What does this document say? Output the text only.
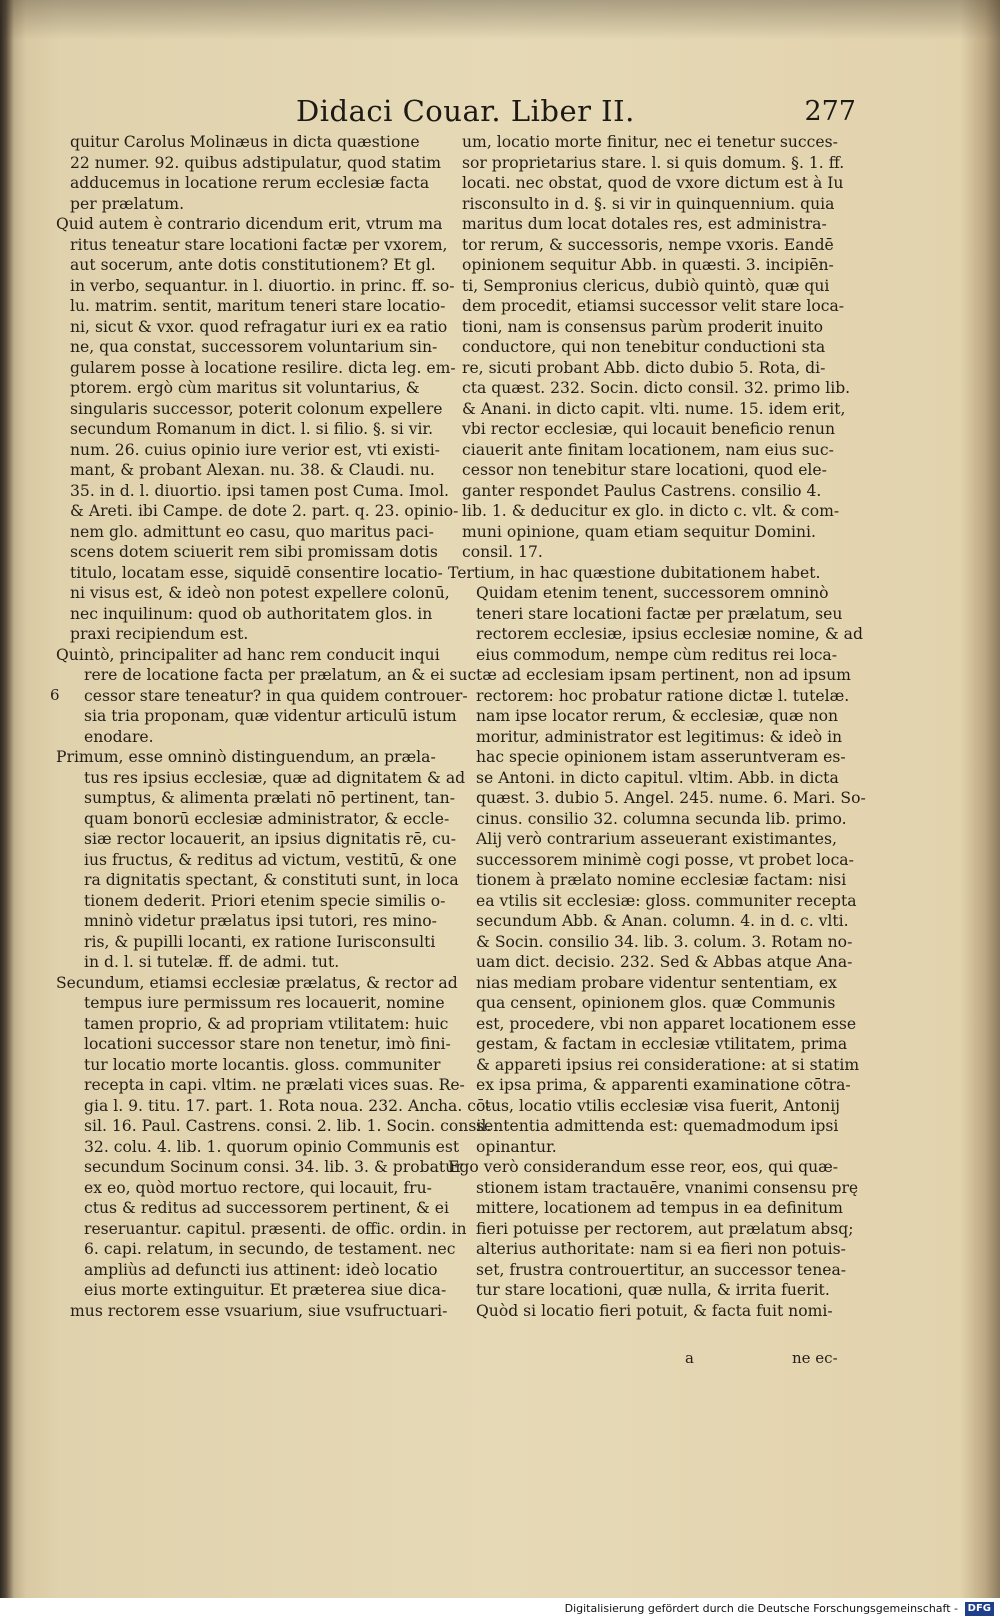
Didaci Couar. Liber II.	277
6
quitur Carolus Molinæus in dicta quæstione
22 numer. 92. quibus adstipulatur, quod statim
adducemus in locatione rerum ecclesiæ facta
per prælatum.
Quid autem è contrario dicendum erit, vtrum ma
ritus teneatur stare locationi factæ per vxorem,
aut socerum, ante dotis constitutionem? Et gl.
in verbo, sequantur. in l. diuortio. in princ. ff. so-
lu. matrim. sentit, maritum teneri stare locatio-
ni, sicut & vxor. quod refragatur iuri ex ea ratio
ne, qua constat, successorem voluntarium sin-
gularem posse à locatione resilire. dicta leg. em-
ptorem. ergò cùm maritus sit voluntarius, &
singularis successor, poterit colonum expellere
secundum Romanum in dict. l. si filio. §. si vir.
num. 26. cuius opinio iure verior est, vti existi-
mant, & probant Alexan. nu. 38. & Claudi. nu.
35. in d. l. diuortio. ipsi tamen post Cuma. Imol.
& Areti. ibi Campe. de dote 2. part. q. 23. opinio-
nem glo. admittunt eo casu, quo maritus paci-
scens dotem sciuerit rem sibi promissam dotis
titulo, locatam esse, siquidē consentire locatio-
ni visus est, & ideò non potest expellere colonū,
nec inquilinum: quod ob authoritatem glos. in
praxi recipiendum est.
Quintò, principaliter ad hanc rem conducit inqui
rere de locatione facta per prælatum, an & ei suc
cessor stare teneatur? in qua quidem controuer-
sia tria proponam, quæ videntur articulū istum
enodare.
Primum, esse omninò distinguendum, an præla-
tus res ipsius ecclesiæ, quæ ad dignitatem & ad
sumptus, & alimenta prælati nō pertinent, tan-
quam bonorū ecclesiæ administrator, & eccle-
siæ rector locauerit, an ipsius dignitatis rē, cu-
ius fructus, & reditus ad victum, vestitū, & one
ra dignitatis spectant, & constituti sunt, in loca
tionem dederit. Priori etenim specie similis o-
mninò videtur prælatus ipsi tutori, res mino-
ris, & pupilli locanti, ex ratione Iurisconsulti
in d. l. si tutelæ. ff. de admi. tut.
Secundum, etiamsi ecclesiæ prælatus, & rector ad
tempus iure permissum res locauerit, nomine
tamen proprio, & ad propriam vtilitatem: huic
locationi successor stare non tenetur, imò fini-
tur locatio morte locantis. gloss. communiter
recepta in capi. vltim. ne prælati vices suas. Re-
gia l. 9. titu. 17. part. 1. Rota noua. 232. Ancha. cō-
sil. 16. Paul. Castrens. consi. 2. lib. 1. Socin. consil.
32. colu. 4. lib. 1. quorum opinio Communis est
secundum Socinum consi. 34. lib. 3. & probatur
ex eo, quòd mortuo rectore, qui locauit, fru-
ctus & reditus ad successorem pertinent, & ei
reseruantur. capitul. præsenti. de offic. ordin. in
6. capi. relatum, in secundo, de testament. nec
ampliùs ad defuncti ius attinent: ideò locatio
eius morte extinguitur. Et præterea siue dica-
mus rectorem esse vsuarium, siue vsufructuari-
um, locatio morte finitur, nec ei tenetur succes-
sor proprietarius stare. l. si quis domum. §. 1. ff.
locati. nec obstat, quod de vxore dictum est à Iu
risconsulto in d. §. si vir in quinquennium. quia
maritus dum locat dotales res, est administra-
tor rerum, & successoris, nempe vxoris. Eandē
opinionem sequitur Abb. in quæsti. 3. incipiēn-
ti, Sempronius clericus, dubiò quintò, quæ qui
dem procedit, etiamsi successor velit stare loca-
tioni, nam is consensus parùm proderit inuito
conductore, qui non tenebitur conductioni sta
re, sicuti probant Abb. dicto dubio 5. Rota, di-
cta quæst. 232. Socin. dicto consil. 32. primo lib.
& Anani. in dicto capit. vlti. nume. 15. idem erit,
vbi rector ecclesiæ, qui locauit beneficio renun
ciauerit ante finitam locationem, nam eius suc-
cessor non tenebitur stare locationi, quod ele-
ganter respondet Paulus Castrens. consilio 4.
lib. 1. & deducitur ex glo. in dicto c. vlt. & com-
muni opinione, quam etiam sequitur Domini.
consil. 17.
Tertium, in hac quæstione dubitationem habet.
Quidam etenim tenent, successorem omninò
teneri stare locationi factæ per prælatum, seu
rectorem ecclesiæ, ipsius ecclesiæ nomine, & ad
eius commodum, nempe cùm reditus rei loca-
tæ ad ecclesiam ipsam pertinent, non ad ipsum
rectorem: hoc probatur ratione dictæ l. tutelæ.
nam ipse locator rerum, & ecclesiæ, quæ non
moritur, administrator est legitimus: & ideò in
hac specie opinionem istam asseruntveram es-
se Antoni. in dicto capitul. vltim. Abb. in dicta
quæst. 3. dubio 5. Angel. 245. nume. 6. Mari. So-
cinus. consilio 32. columna secunda lib. primo.
Alij verò contrarium asseuerant existimantes,
successorem minimè cogi posse, vt probet loca-
tionem à prælato nomine ecclesiæ factam: nisi
ea vtilis sit ecclesiæ: gloss. communiter recepta
secundum Abb. & Anan. column. 4. in d. c. vlti.
& Socin. consilio 34. lib. 3. colum. 3. Rotam no-
uam dict. decisio. 232. Sed & Abbas atque Ana-
nias mediam probare videntur sententiam, ex
qua censent, opinionem glos. quæ Communis
est, procedere, vbi non apparet locationem esse
gestam, & factam in ecclesiæ vtilitatem, prima
& appareti ipsius rei consideratione: at si statim
ex ipsa prima, & apparenti examinatione cōtra-
ctus, locatio vtilis ecclesiæ visa fuerit, Antonij
sententia admittenda est: quemadmodum ipsi
opinantur.
Ego verò considerandum esse reor, eos, qui quæ-
stionem istam tractauēre, vnanimi consensu prę
mittere, locationem ad tempus in ea definitum
fieri potuisse per rectorem, aut prælatum absq;
alterius authoritate: nam si ea fieri non potuis-
set, frustra controuertitur, an successor tenea-
tur stare locationi, quæ nulla, & irrita fuerit.
Quòd si locatio fieri potuit, & facta fuit nomi-
a	ne ec-
Digitalisierung gefördert durch die Deutsche Forschungsgemeinschaft - DFG
